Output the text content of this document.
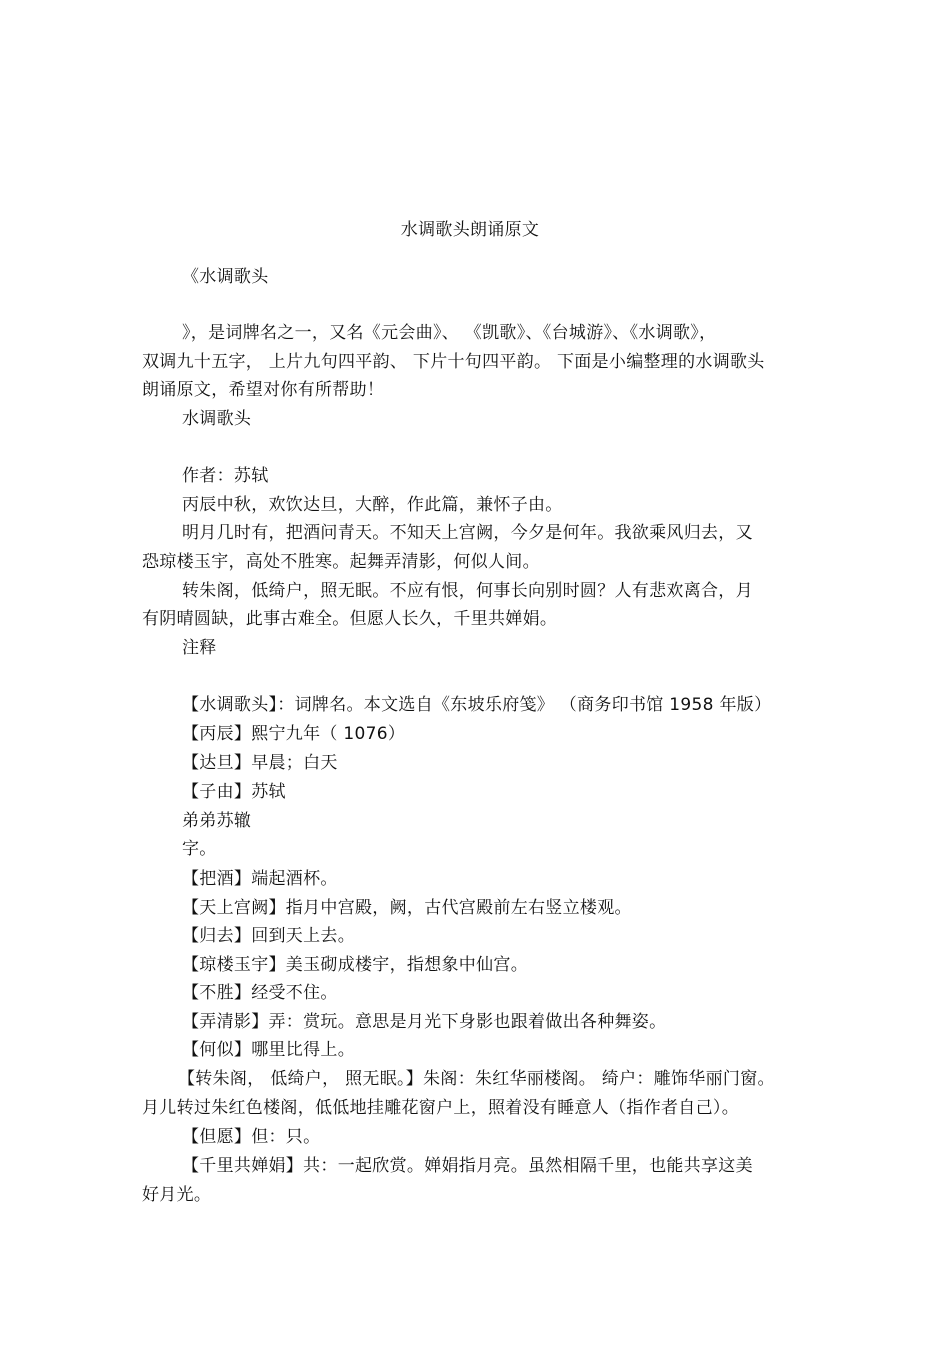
水调歌头朗诵原文
《水调歌头
》，是词牌名之一，又名《元会曲》、 《凯歌》、《台城游》、《水调歌》，
双调九十五字， 上片九句四平韵、 下片十句四平韵。 下面是小编整理的水调歌头
朗诵原文，希望对你有所帮助！
水调歌头
作者：苏轼
丙辰中秋，欢饮达旦，大醉，作此篇，兼怀子由。
明月几时有，把酒问青天。不知天上宫阙，今夕是何年。我欲乘风归去，又
恐琼楼玉宇，高处不胜寒。起舞弄清影，何似人间。
转朱阁，低绮户，照无眠。不应有恨，何事长向别时圆？人有悲欢离合，月
有阴晴圆缺，此事古难全。但愿人长久，千里共婵娟。
注释
【水调歌头】：词牌名。本文选自《东坡乐府笺》 （商务印书馆 1958 年版）
【丙辰】熙宁九年（ 1076）
【达旦】早晨；白天
【子由】苏轼
弟弟苏辙
字。
【把酒】端起酒杯。
【天上宫阙】指月中宫殿，阙，古代宫殿前左右竖立楼观。
【归去】回到天上去。
【琼楼玉宇】美玉砌成楼宇，指想象中仙宫。
【不胜】经受不住。
【弄清影】弄：赏玩。意思是月光下身影也跟着做出各种舞姿。
【何似】哪里比得上。
【转朱阁， 低绮户， 照无眠。】朱阁：朱红华丽楼阁。 绮户：雕饰华丽门窗。
月儿转过朱红色楼阁，低低地挂雕花窗户上，照着没有睡意人（指作者自己）。
【但愿】但：只。
【千里共婵娟】共：一起欣赏。婵娟指月亮。虽然相隔千里，也能共享这美
好月光。
